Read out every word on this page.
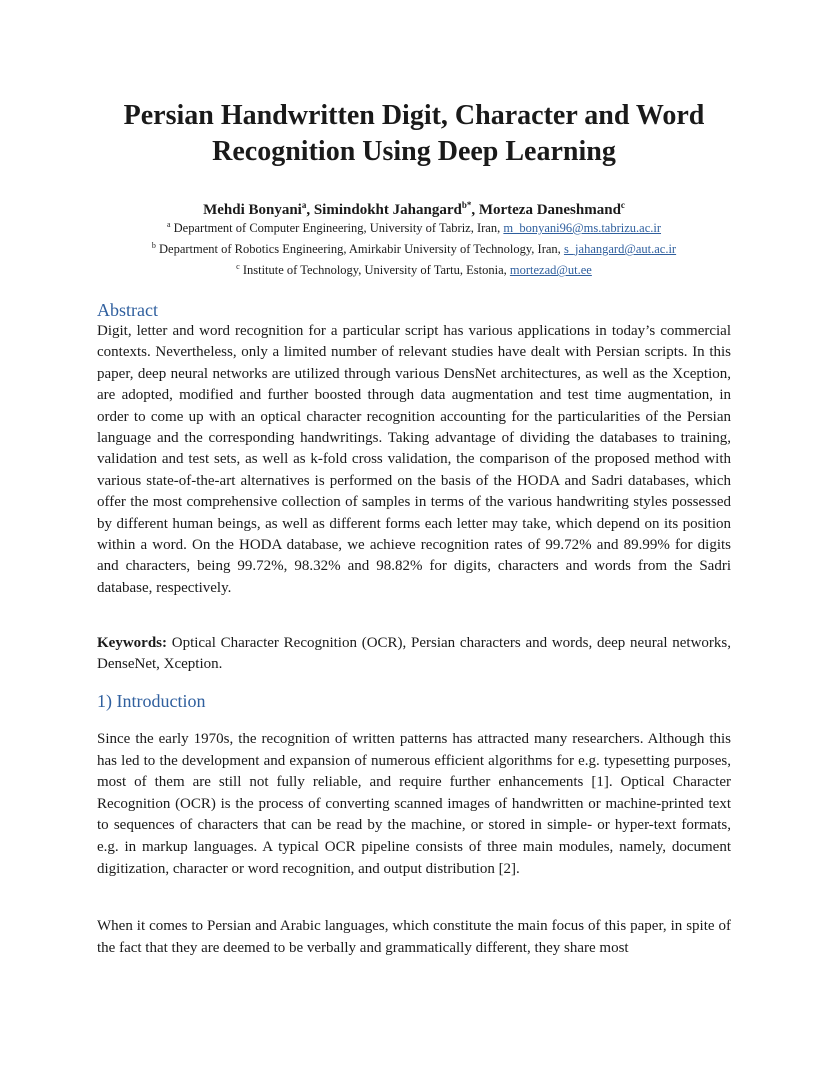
Persian Handwritten Digit, Character and Word
Recognition Using Deep Learning
Mehdi Bonyani$^a$, Simindokht Jahangard$^{b*}$, Morteza Daneshmand$^c$
$^a$ Department of Computer Engineering, University of Tabriz, Iran, m_bonyani96@ms.tabrizu.ac.ir
$^b$ Department of Robotics Engineering, Amirkabir University of Technology, Iran, s_jahangard@aut.ac.ir
$^c$ Institute of Technology, University of Tartu, Estonia, mortezad@ut.ee
Abstract

Digit, letter and word recognition for a particular script has various applications in today’s commercial contexts. Nevertheless, only a limited number of relevant studies have dealt with Persian scripts. In this paper, deep neural networks are utilized through various DensNet architectures, as well as the Xception, are adopted, modified and further boosted through data augmentation and test time augmentation, in order to come up with an optical character recognition accounting for the particularities of the Persian language and the corresponding handwritings. Taking advantage of dividing the databases to training, validation and test sets, as well as k-fold cross validation, the comparison of the proposed method with various state-of-the-art alternatives is performed on the basis of the HODA and Sadri databases, which offer the most comprehensive collection of samples in terms of the various handwriting styles possessed by different human beings, as well as different forms each letter may take, which depend on its position within a word. On the HODA database, we achieve recognition rates of 99.72% and 89.99% for digits and characters, being 99.72%, 98.32% and 98.82% for digits, characters and words from the Sadri database, respectively.

Keywords: Optical Character Recognition (OCR), Persian characters and words, deep neural networks, DenseNet, Xception.

1) Introduction

Since the early 1970s, the recognition of written patterns has attracted many researchers. Although this has led to the development and expansion of numerous efficient algorithms for e.g. typesetting purposes, most of them are still not fully reliable, and require further enhancements [1]. Optical Character Recognition (OCR) is the process of converting scanned images of handwritten or machine-printed text to sequences of characters that can be read by the machine, or stored in simple- or hyper-text formats, e.g. in markup languages. A typical OCR pipeline consists of three main modules, namely, document digitization, character or word recognition, and output distribution [2].

When it comes to Persian and Arabic languages, which constitute the main focus of this paper, in spite of the fact that they are deemed to be verbally and grammatically different, they share most
